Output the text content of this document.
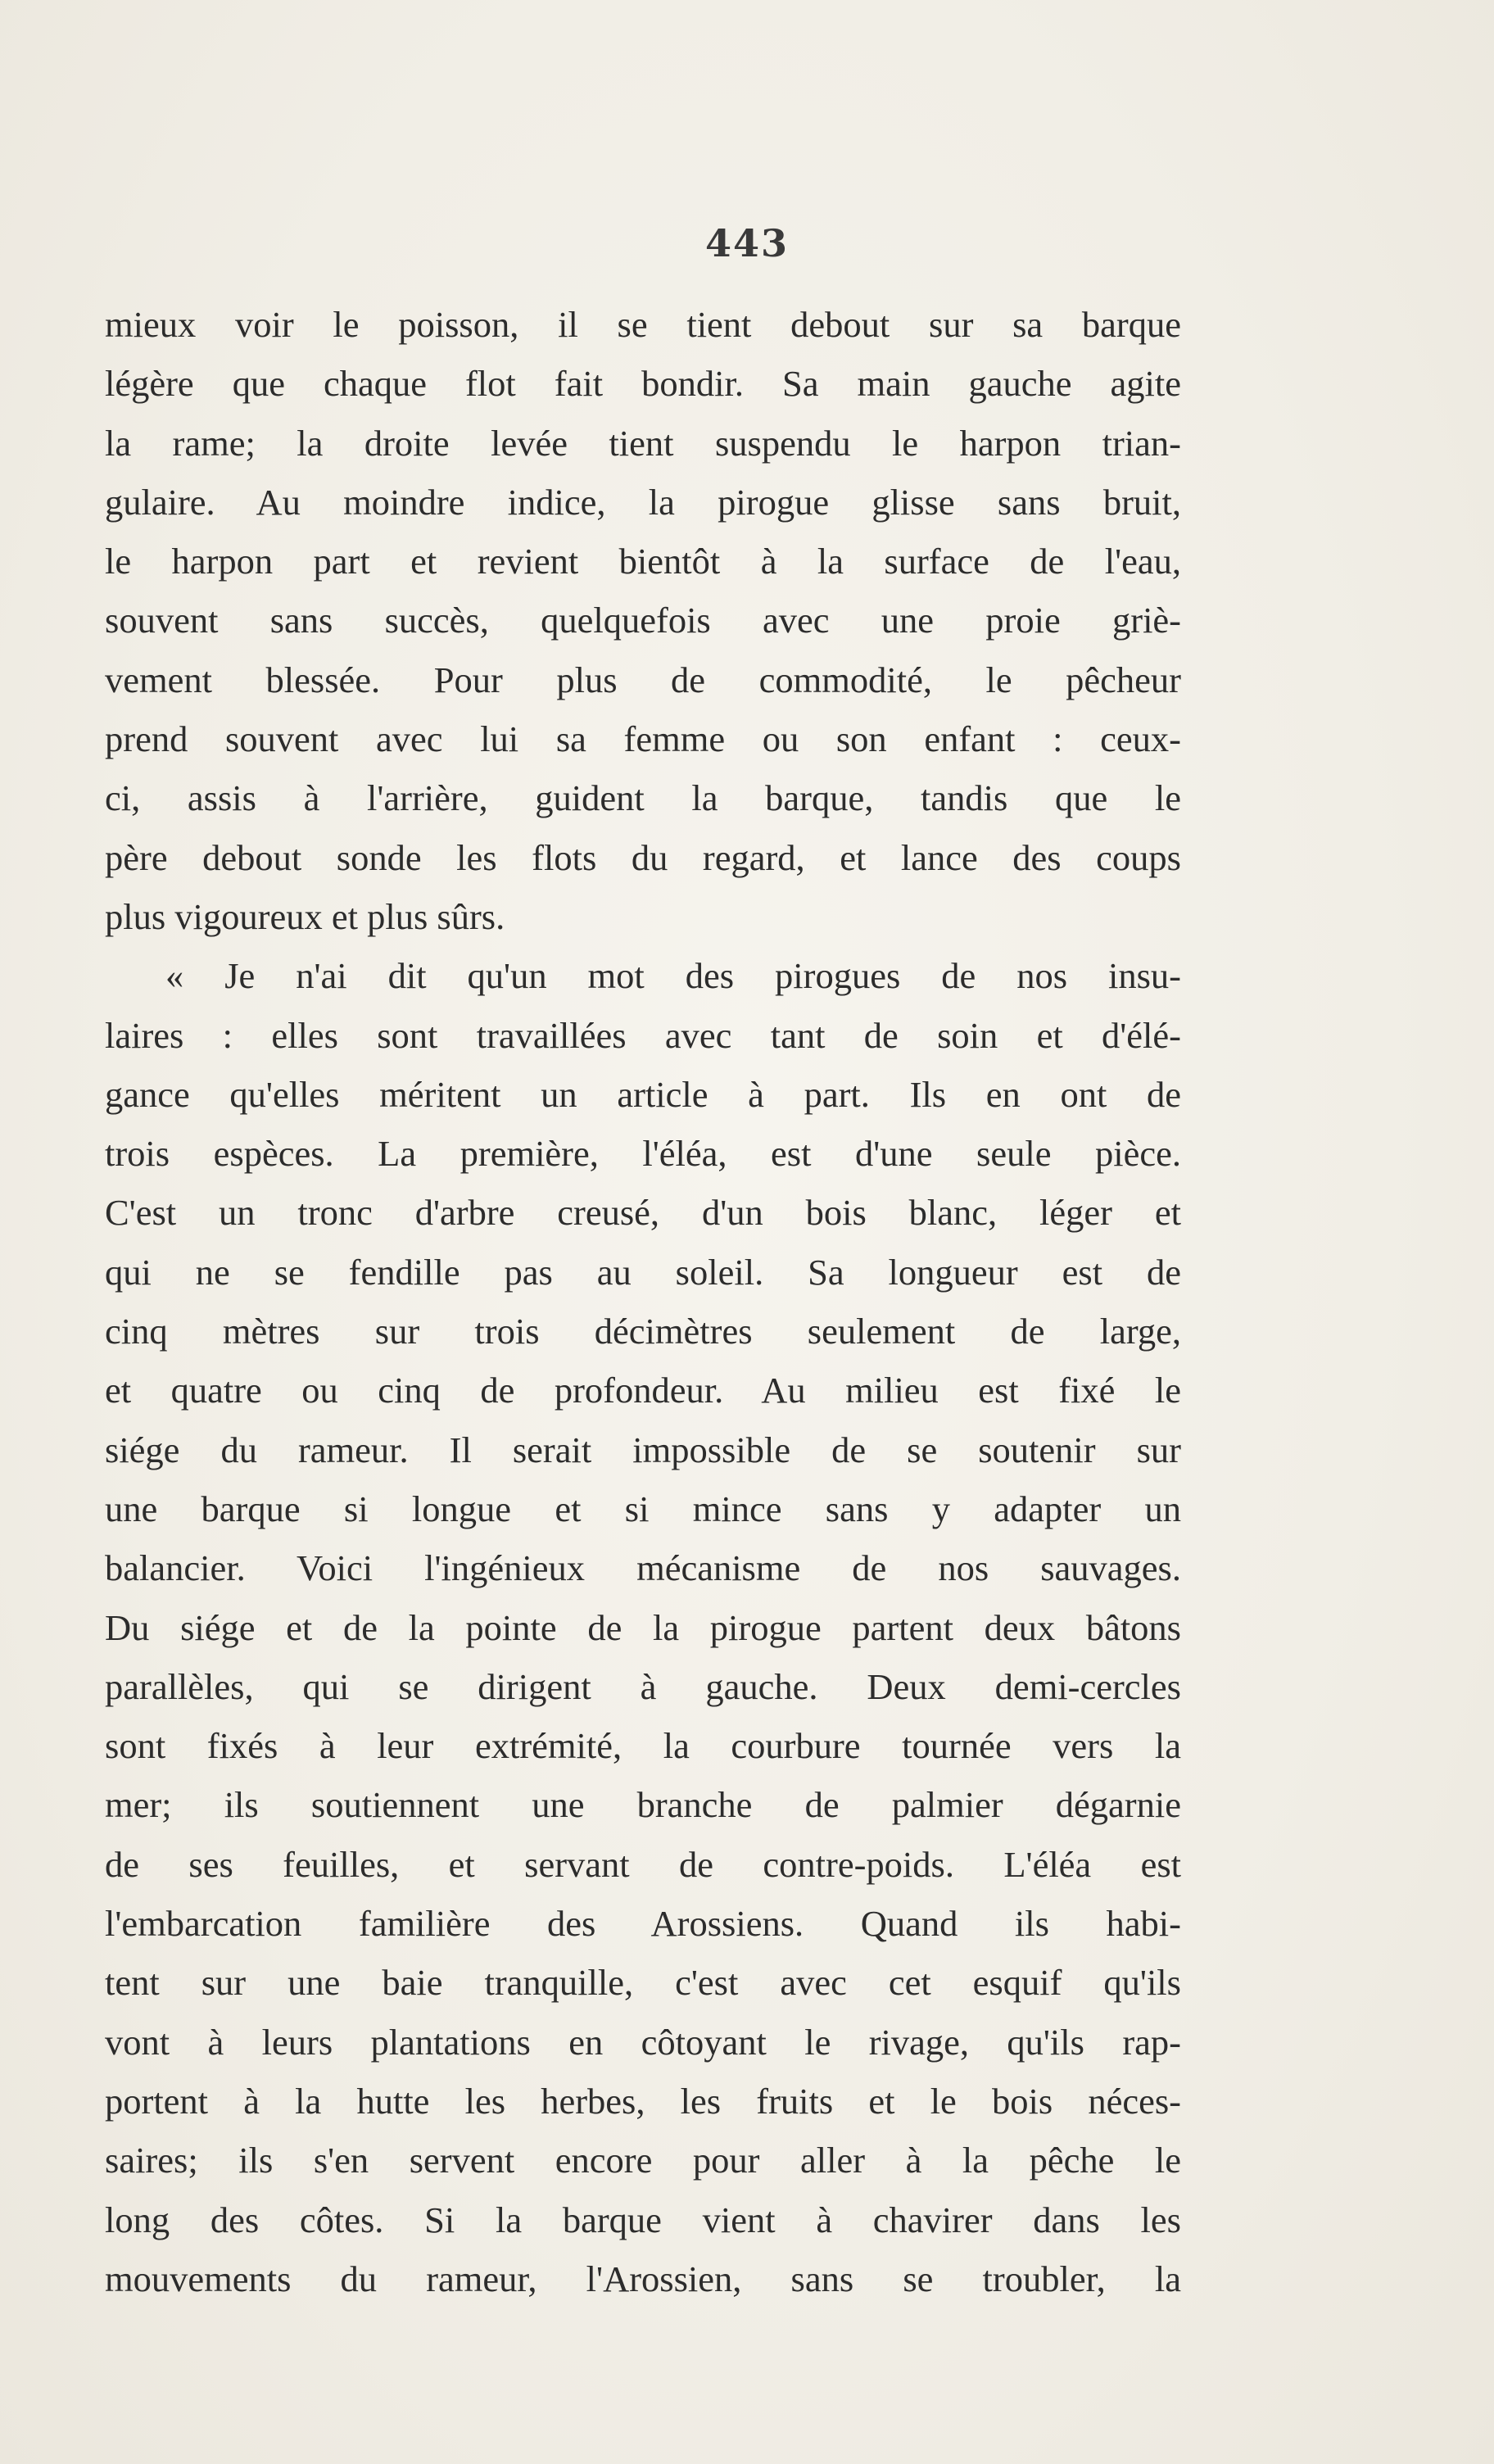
443
mieux voir le poisson, il se tient debout sur sa barque
légère que chaque flot fait bondir. Sa main gauche agite
la rame; la droite levée tient suspendu le harpon trian-
gulaire. Au moindre indice, la pirogue glisse sans bruit,
le harpon part et revient bientôt à la surface de l'eau,
souvent sans succès, quelquefois avec une proie griè-
vement blessée. Pour plus de commodité, le pêcheur
prend souvent avec lui sa femme ou son enfant : ceux-
ci, assis à l'arrière, guident la barque, tandis que le
père debout sonde les flots du regard, et lance des coups
plus vigoureux et plus sûrs.
« Je n'ai dit qu'un mot des pirogues de nos insu-
laires : elles sont travaillées avec tant de soin et d'élé-
gance qu'elles méritent un article à part. Ils en ont de
trois espèces. La première, l'éléa, est d'une seule pièce.
C'est un tronc d'arbre creusé, d'un bois blanc, léger et
qui ne se fendille pas au soleil. Sa longueur est de
cinq mètres sur trois décimètres seulement de large,
et quatre ou cinq de profondeur. Au milieu est fixé le
siége du rameur. Il serait impossible de se soutenir sur
une barque si longue et si mince sans y adapter un
balancier. Voici l'ingénieux mécanisme de nos sauvages.
Du siége et de la pointe de la pirogue partent deux bâtons
parallèles, qui se dirigent à gauche. Deux demi-cercles
sont fixés à leur extrémité, la courbure tournée vers la
mer; ils soutiennent une branche de palmier dégarnie
de ses feuilles, et servant de contre-poids. L'éléa est
l'embarcation familière des Arossiens. Quand ils habi-
tent sur une baie tranquille, c'est avec cet esquif qu'ils
vont à leurs plantations en côtoyant le rivage, qu'ils rap-
portent à la hutte les herbes, les fruits et le bois néces-
saires; ils s'en servent encore pour aller à la pêche le
long des côtes. Si la barque vient à chavirer dans les
mouvements du rameur, l'Arossien, sans se troubler, la
